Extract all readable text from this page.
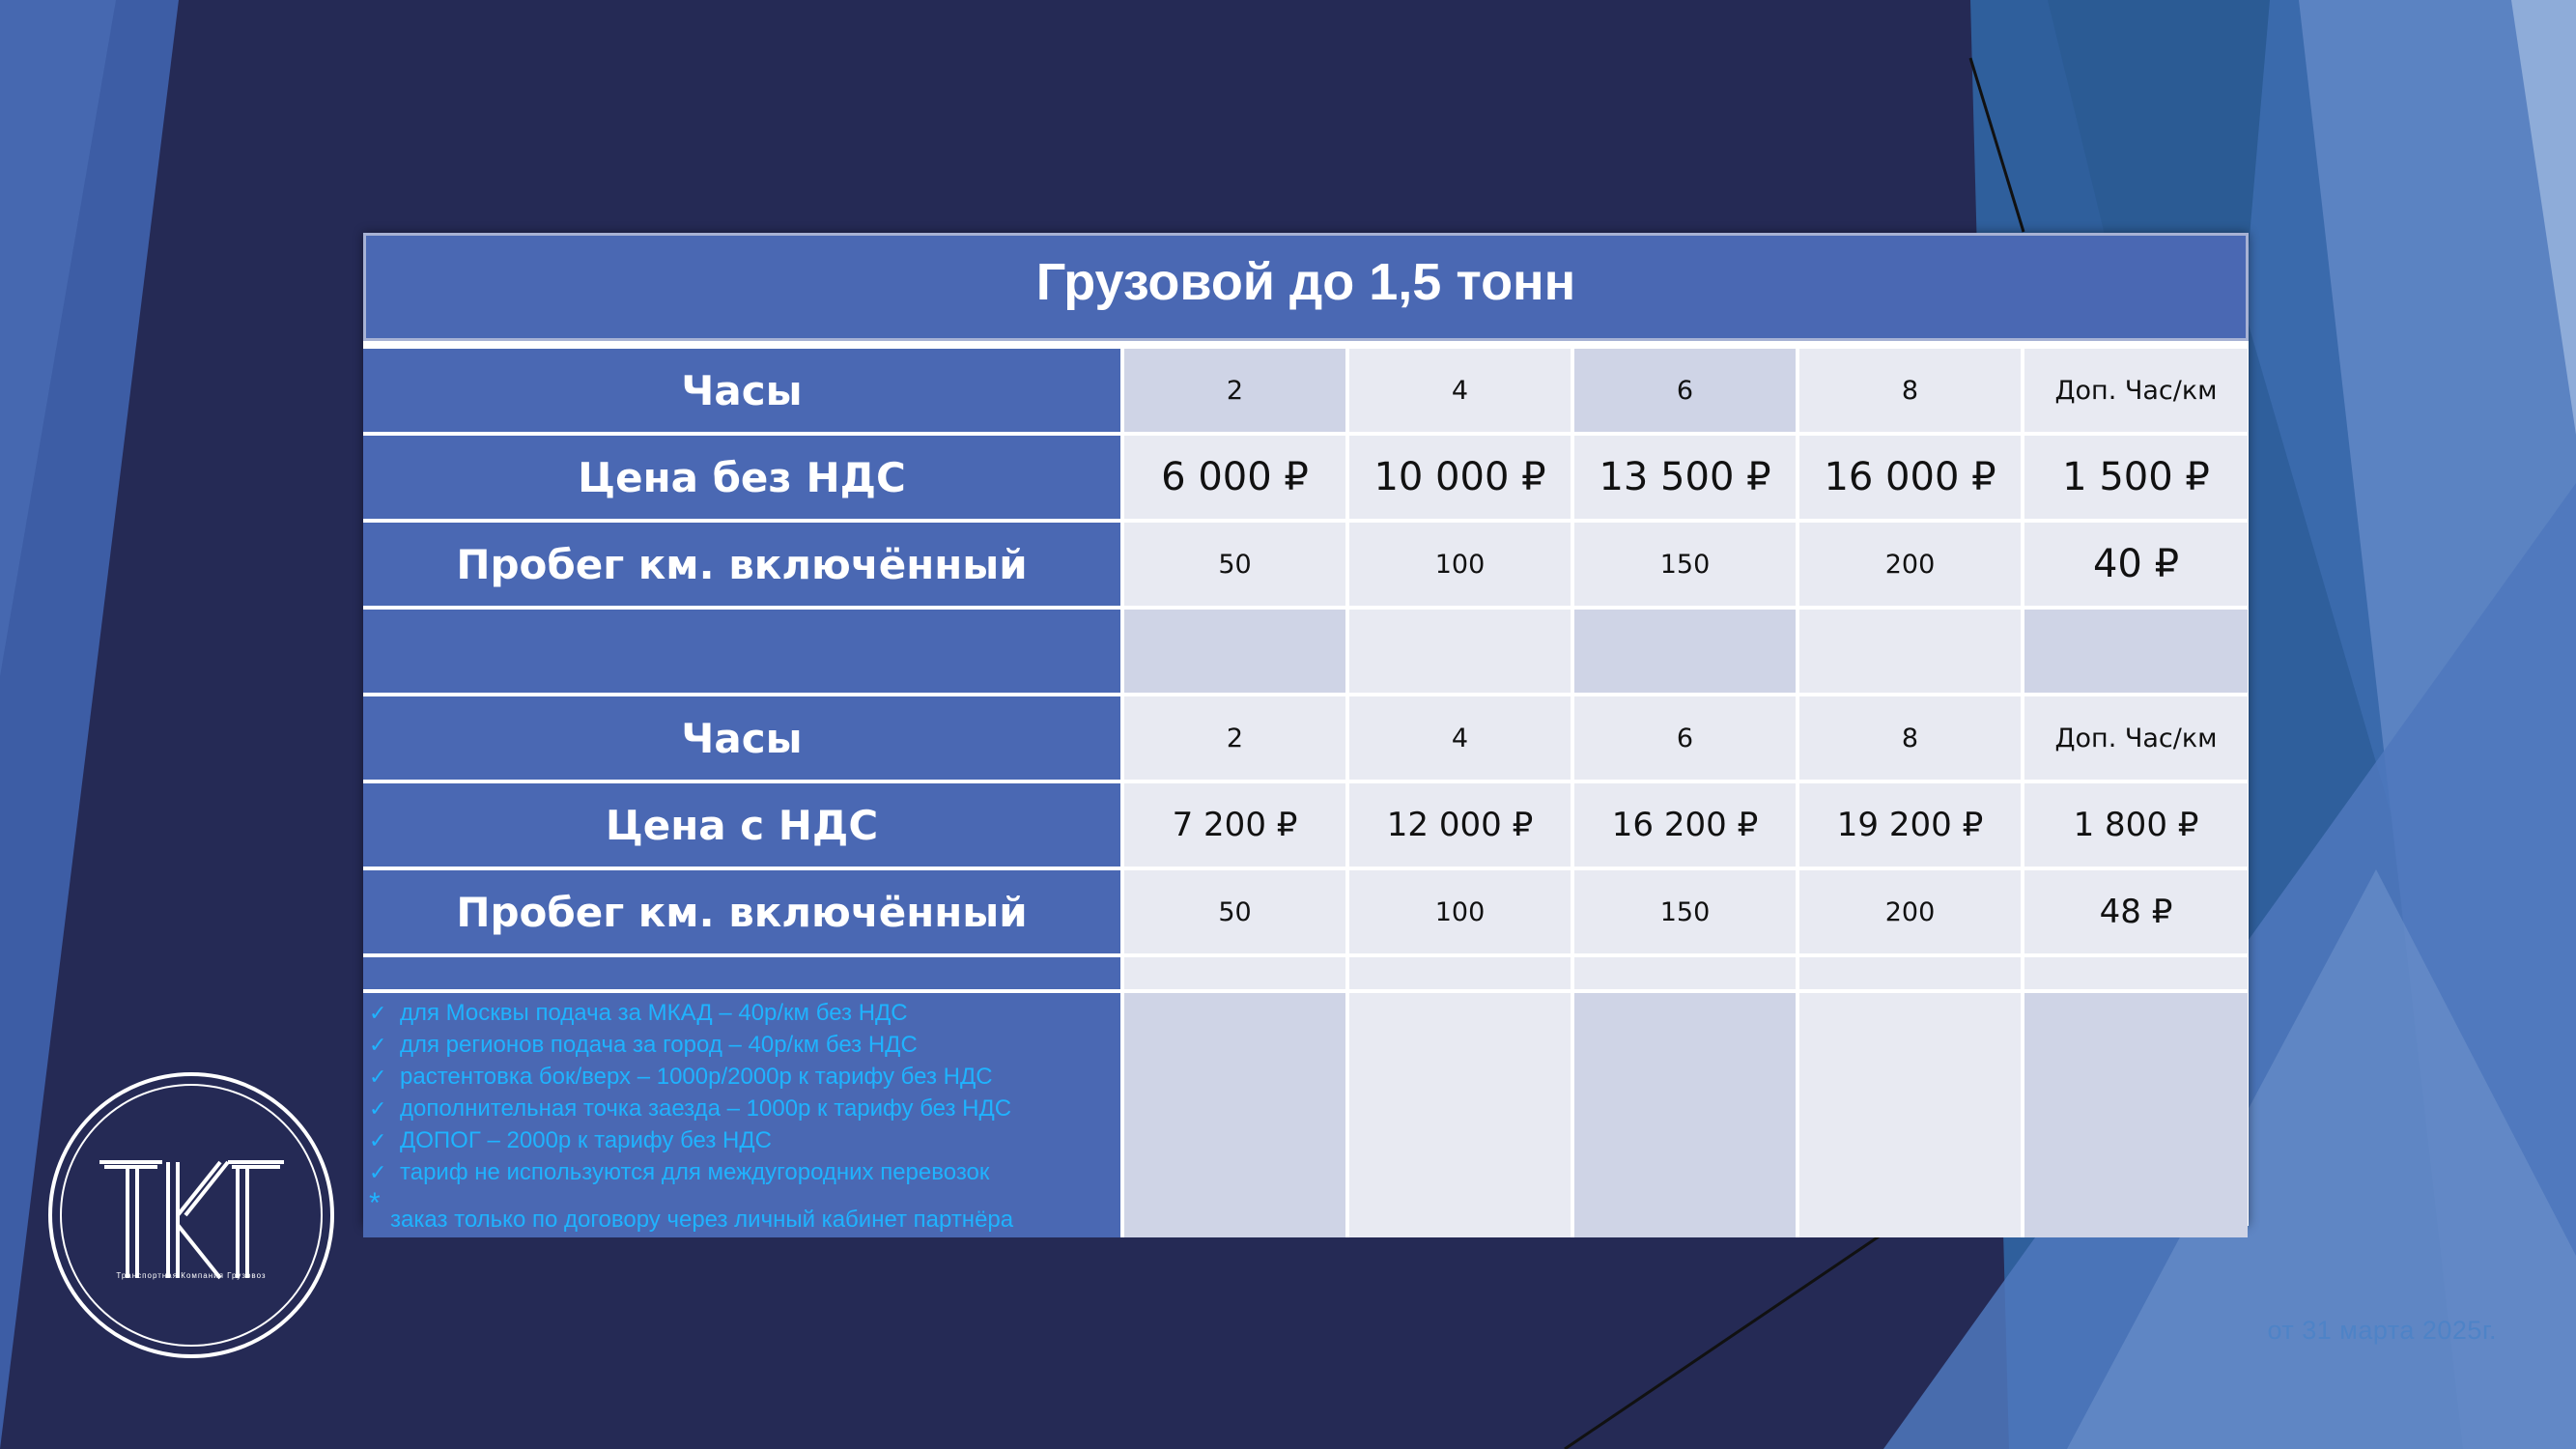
Транспортная Компания Грузовоз
от 31 марта 2025г.
Грузовой до 1,5 тонн
Часы	2	4	6	8	Доп. Час/км
Цена без НДС	6 000 ₽	10 000 ₽	13 500 ₽	16 000 ₽	1 500 ₽
Пробег км. включённый	50	100	150	200	40 ₽
Часы	2	4	6	8	Доп. Час/км
Цена с НДС	7 200 ₽	12 000 ₽	16 200 ₽	19 200 ₽	1 800 ₽
Пробег км. включённый	50	100	150	200	48 ₽
✓ для Москвы подача за МКАД – 40р/км без НДС
✓ для регионов подача за город – 40р/км без НДС
✓ растентовка бок/верх – 1000р/2000р к тарифу без НДС
✓ дополнительная точка заезда – 1000р к тарифу без НДС
✓ ДОПОГ – 2000р к тарифу без НДС
✓ тариф не используются для междугородних перевозок
*
заказ только по договору через личный кабинет партнёра
